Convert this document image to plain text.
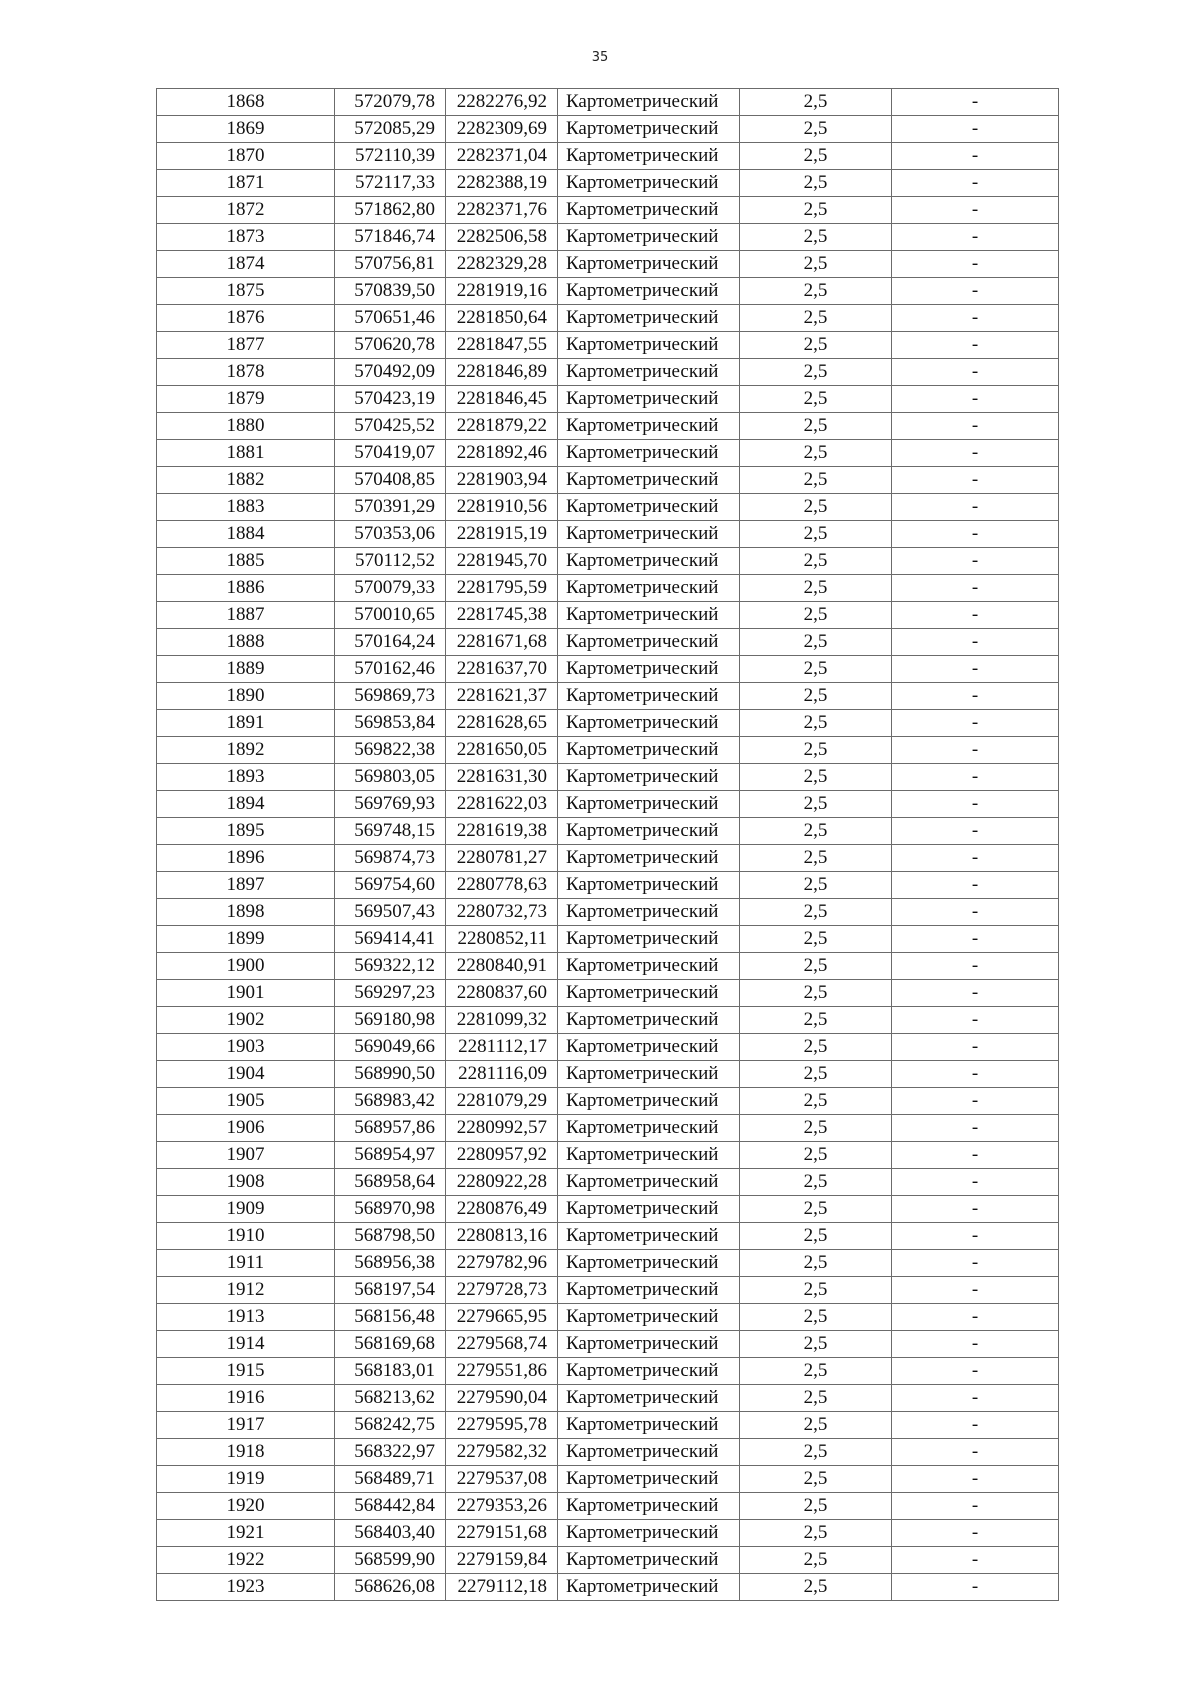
35
1868	572079,78	2282276,92	Картометрический	2,5	-
1869	572085,29	2282309,69	Картометрический	2,5	-
1870	572110,39	2282371,04	Картометрический	2,5	-
1871	572117,33	2282388,19	Картометрический	2,5	-
1872	571862,80	2282371,76	Картометрический	2,5	-
1873	571846,74	2282506,58	Картометрический	2,5	-
1874	570756,81	2282329,28	Картометрический	2,5	-
1875	570839,50	2281919,16	Картометрический	2,5	-
1876	570651,46	2281850,64	Картометрический	2,5	-
1877	570620,78	2281847,55	Картометрический	2,5	-
1878	570492,09	2281846,89	Картометрический	2,5	-
1879	570423,19	2281846,45	Картометрический	2,5	-
1880	570425,52	2281879,22	Картометрический	2,5	-
1881	570419,07	2281892,46	Картометрический	2,5	-
1882	570408,85	2281903,94	Картометрический	2,5	-
1883	570391,29	2281910,56	Картометрический	2,5	-
1884	570353,06	2281915,19	Картометрический	2,5	-
1885	570112,52	2281945,70	Картометрический	2,5	-
1886	570079,33	2281795,59	Картометрический	2,5	-
1887	570010,65	2281745,38	Картометрический	2,5	-
1888	570164,24	2281671,68	Картометрический	2,5	-
1889	570162,46	2281637,70	Картометрический	2,5	-
1890	569869,73	2281621,37	Картометрический	2,5	-
1891	569853,84	2281628,65	Картометрический	2,5	-
1892	569822,38	2281650,05	Картометрический	2,5	-
1893	569803,05	2281631,30	Картометрический	2,5	-
1894	569769,93	2281622,03	Картометрический	2,5	-
1895	569748,15	2281619,38	Картометрический	2,5	-
1896	569874,73	2280781,27	Картометрический	2,5	-
1897	569754,60	2280778,63	Картометрический	2,5	-
1898	569507,43	2280732,73	Картометрический	2,5	-
1899	569414,41	2280852,11	Картометрический	2,5	-
1900	569322,12	2280840,91	Картометрический	2,5	-
1901	569297,23	2280837,60	Картометрический	2,5	-
1902	569180,98	2281099,32	Картометрический	2,5	-
1903	569049,66	2281112,17	Картометрический	2,5	-
1904	568990,50	2281116,09	Картометрический	2,5	-
1905	568983,42	2281079,29	Картометрический	2,5	-
1906	568957,86	2280992,57	Картометрический	2,5	-
1907	568954,97	2280957,92	Картометрический	2,5	-
1908	568958,64	2280922,28	Картометрический	2,5	-
1909	568970,98	2280876,49	Картометрический	2,5	-
1910	568798,50	2280813,16	Картометрический	2,5	-
1911	568956,38	2279782,96	Картометрический	2,5	-
1912	568197,54	2279728,73	Картометрический	2,5	-
1913	568156,48	2279665,95	Картометрический	2,5	-
1914	568169,68	2279568,74	Картометрический	2,5	-
1915	568183,01	2279551,86	Картометрический	2,5	-
1916	568213,62	2279590,04	Картометрический	2,5	-
1917	568242,75	2279595,78	Картометрический	2,5	-
1918	568322,97	2279582,32	Картометрический	2,5	-
1919	568489,71	2279537,08	Картометрический	2,5	-
1920	568442,84	2279353,26	Картометрический	2,5	-
1921	568403,40	2279151,68	Картометрический	2,5	-
1922	568599,90	2279159,84	Картометрический	2,5	-
1923	568626,08	2279112,18	Картометрический	2,5	-
